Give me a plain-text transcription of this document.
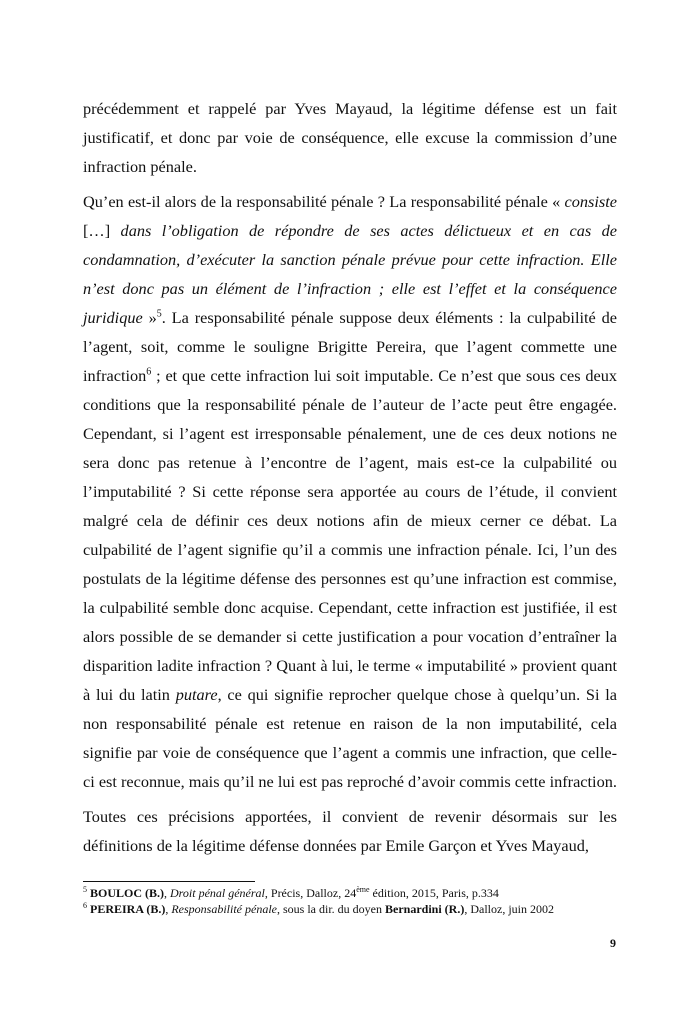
précédemment et rappelé par Yves Mayaud, la légitime défense est un fait justificatif, et donc par voie de conséquence, elle excuse la commission d’une infraction pénale.

Qu’en est-il alors de la responsabilité pénale ? La responsabilité pénale « consiste […] dans l’obligation de répondre de ses actes délictueux et en cas de condamnation, d’exécuter la sanction pénale prévue pour cette infraction. Elle n’est donc pas un élément de l’infraction ; elle est l’effet et la conséquence juridique »$^5$. La responsabilité pénale suppose deux éléments : la culpabilité de l’agent, soit, comme le souligne Brigitte Pereira, que l’agent commette une infraction$^6$ ; et que cette infraction lui soit imputable. Ce n’est que sous ces deux conditions que la responsabilité pénale de l’auteur de l’acte peut être engagée. Cependant, si l’agent est irresponsable pénalement, une de ces deux notions ne sera donc pas retenue à l’encontre de l’agent, mais est-ce la culpabilité ou l’imputabilité ? Si cette réponse sera apportée au cours de l’étude, il convient malgré cela de définir ces deux notions afin de mieux cerner ce débat. La culpabilité de l’agent signifie qu’il a commis une infraction pénale. Ici, l’un des postulats de la légitime défense des personnes est qu’une infraction est commise, la culpabilité semble donc acquise. Cependant, cette infraction est justifiée, il est alors possible de se demander si cette justification a pour vocation d’entraîner la disparition ladite infraction ? Quant à lui, le terme « imputabilité » provient quant à lui du latin putare, ce qui signifie reprocher quelque chose à quelqu’un. Si la non responsabilité pénale est retenue en raison de la non imputabilité, cela signifie par voie de conséquence que l’agent a commis une infraction, que celle-ci est reconnue, mais qu’il ne lui est pas reproché d’avoir commis cette infraction.

Toutes ces précisions apportées, il convient de revenir désormais sur les définitions de la légitime défense données par Emile Garçon et Yves Mayaud,

$^5$ BOULOC (B.), Droit pénal général, Précis, Dalloz, 24ème édition, 2015, Paris, p.334
$^6$ PEREIRA (B.), Responsabilité pénale, sous la dir. du doyen Bernardini (R.), Dalloz, juin 2002
9
